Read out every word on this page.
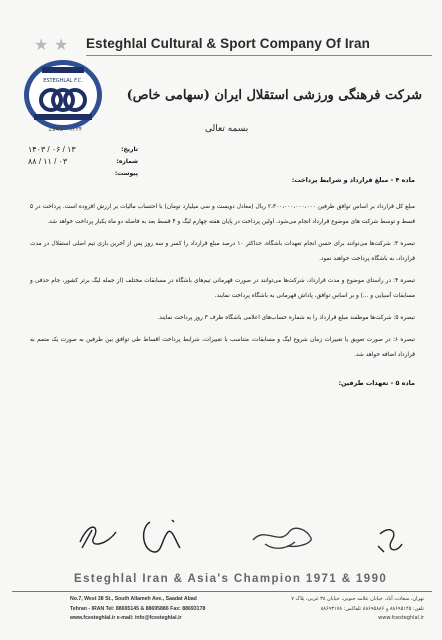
★ ★ Esteghlal Cultural & Sport Company Of Iran
ESTEGHLAL F.C.
1945 - ۱۳۲۴
شرکت فرهنگی ورزشی استقلال ایران (سهامی خاص)
بسمه تعالی
تاریخ:
۱۴۰۳ / ۰۶ / ۱۳
شماره:
۸۸ / ۱۱ / ۰۳
پیوست:
ماده ۴ - مبلغ قرارداد و شرایط پرداخت:

مبلغ کل قرارداد بر اساس توافق طرفین ۲،۳۰۰،۰۰۰،۰۰۰،۰۰۰ ریال (معادل دویست و سی میلیارد تومان) با احتساب مالیات بر ارزش افزوده است. پرداخت در ۵ قسط و توسط شرکت های موضوع قرارداد انجام می‌شود. اولین پرداخت در پایان هفته چهارم لیگ و ۴ قسط بعد به فاصله دو ماه یکبار پرداخت خواهد شد.

تبصره ۳: شرکت‌ها می‌توانند برای حسن انجام تعهدات باشگاه، حداکثر ۱۰ درصد مبلغ قرارداد را کسر و سه روز پس از آخرین بازی تیم اصلی استقلال در مدت قرارداد، به باشگاه پرداخت خواهند نمود.

تبصره ۴: در راستای موضوع و مدت قرارداد، شرکت‌ها می‌توانند در صورت قهرمانی تیم‌های باشگاه در مسابقات مختلف (از جمله لیگ برتر کشور، جام حذفی و مسابقات آسیایی و ...) و بر اساس توافق، پاداش قهرمانی به باشگاه پرداخت نمایند.

تبصره ۵: شرکت‌ها موظفند مبلغ قرارداد را به شماره حساب‌های اعلامی باشگاه ظرف ۳ روز پرداخت نمایند.

تبصره ۶: در صورت تعویق یا تغییرات زمان شروع لیگ و مسابقات، متناسب با تغییرات، شرایط پرداخت اقساط طی توافق بین طرفین به صورت یک متمم به قرارداد اضافه خواهد شد.

ماده ۵ - تعهدات طرفین:
Esteghlal Iran & Asia's Champion 1971 & 1990
No.7, West 38 St., South Allameh Ave., Saadat Abad
Tehran - IRAN Tel: 88695145 & 88695886 Fax: 88693178
www.fcesteghlal.ir e-mail: info@fcesteghlal.ir
تهران، سعادت آباد، خیابان علامه جنوبی، خیابان ۳۸ غربی، پلاک ۷
تلفن: ۸۸۶۹۵۱۴۵ و ۸۸۶۹۵۸۸۶ تلفاکس: ۸۸۶۹۳۱۷۸
www.fcesteghlal.ir
